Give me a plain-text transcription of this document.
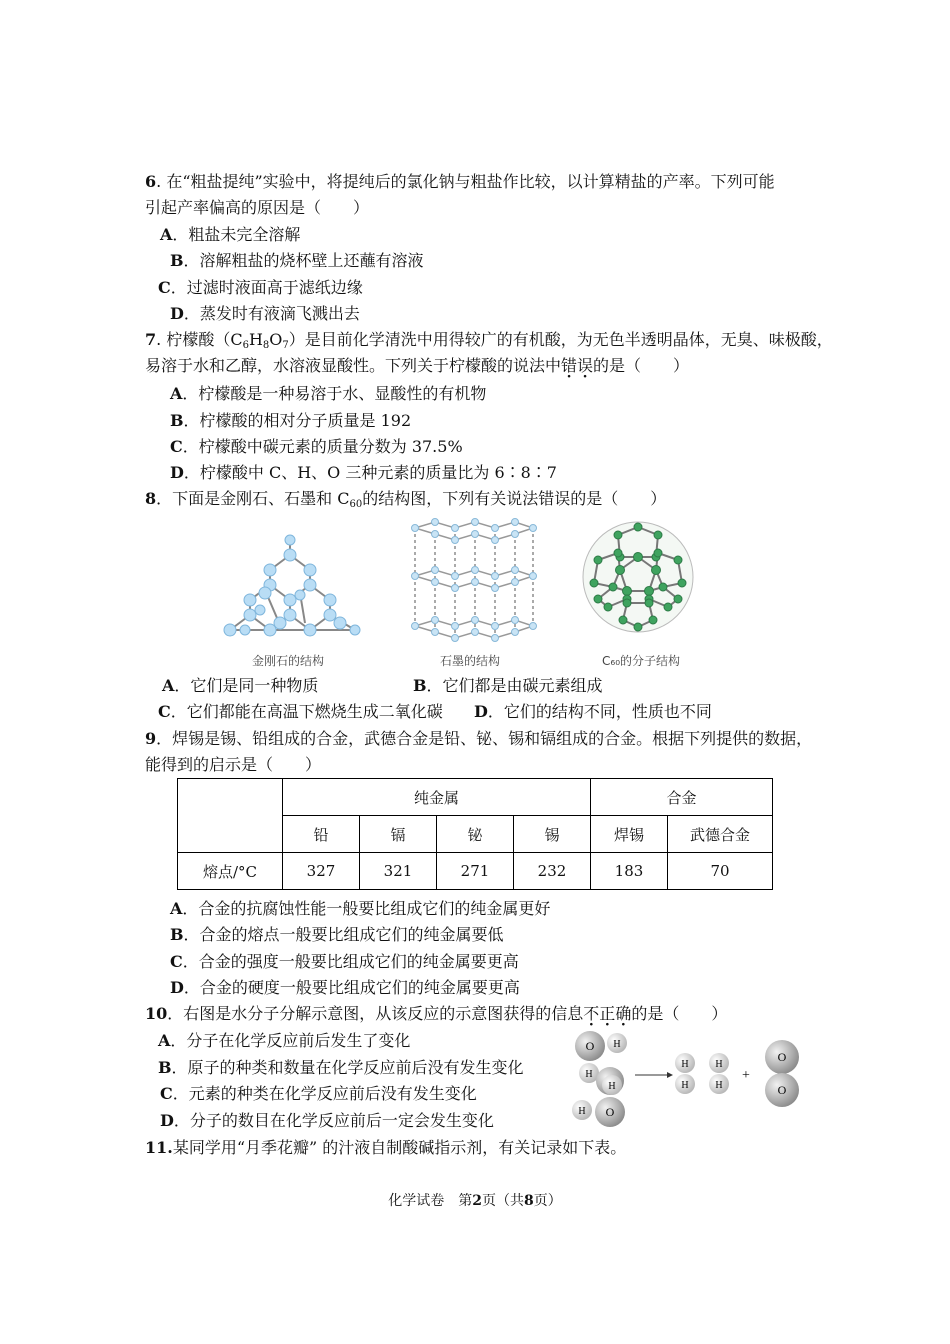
6. 在“粗盐提纯”实验中，将提纯后的氯化钠与粗盐作比较，以计算精盐的产率。下列可能
引起产率偏高的原因是（　　）
A．粗盐未完全溶解
B．溶解粗盐的烧杯壁上还蘸有溶液
C．过滤时液面高于滤纸边缘
D．蒸发时有液滴飞溅出去
7. 柠檬酸$(C_6H_8O_7)$是目前化学清洗中用得较广的有机酸，为无色半透明晶体，无臭、味极酸，
易溶于水和乙醇，水溶液显酸性。下列关于柠檬酸的说法中错误的是（　　）
A．柠檬酸是一种易溶于水、显酸性的有机物
B．柠檬酸的相对分子质量是 192
C．柠檬酸中碳元素的质量分数为 37.5%
D．柠檬酸中 C、H、O 三种元素的质量比为 6∶8∶7
8．下面是金刚石、石墨和 $C_{60}$的结构图，下列有关说法错误的是（　　）
金刚石的结构	石墨的结构	C₆₀的分子结构
A．它们是同一种物质	B．它们都是由碳元素组成
C．它们都能在高温下燃烧生成二氧化碳 D．它们的结构不同，性质也不同
9．焊锡是锡、铅组成的合金，武德合金是铅、铋、锡和镉组成的合金。根据下列提供的数据，
能得到的启示是（　　）
	纯金属				合金	
	铅	镉	铋	锡	焊锡	武德合金
熔点/°C	327	321	271	232	183	70
A．合金的抗腐蚀性能一般要比组成它们的纯金属更好
B．合金的熔点一般要比组成它们的纯金属要低
C．合金的强度一般要比组成它们的纯金属要更高
D．合金的硬度一般要比组成它们的纯金属要更高
10．右图是水分子分解示意图，从该反应的示意图获得的信息不正确的是（　　）
A．分子在化学反应前后发生了变化
B．原子的种类和数量在化学反应前后没有发生变化
C．元素的种类在化学反应前后没有发生变化
D．分子的数目在化学反应前后一定会发生变化
O H
H
H
H O
H
H
H
H
+
O
O
11.某同学用“月季花瓣” 的汁液自制酸碱指示剂，有关记录如下表。
化学试卷　第2页（共8页）
